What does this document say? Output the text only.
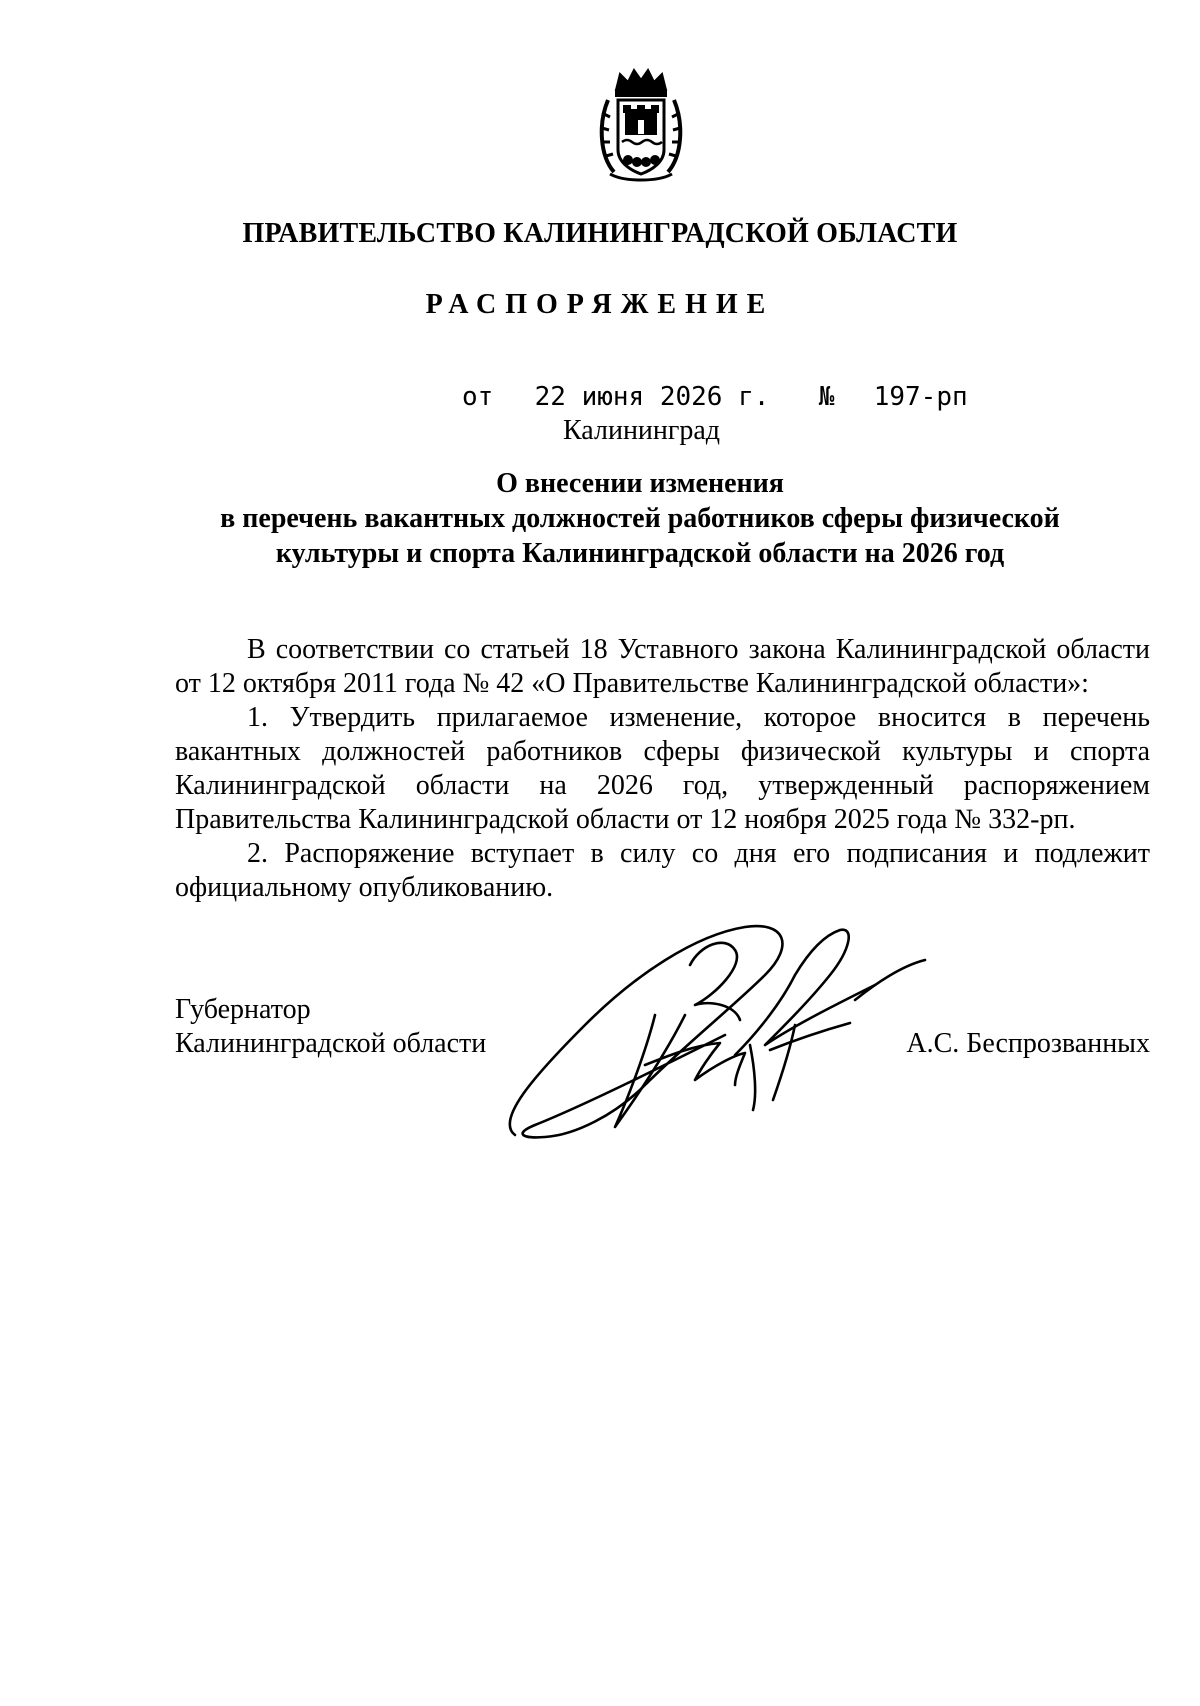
ПРАВИТЕЛЬСТВО КАЛИНИНГРАДСКОЙ ОБЛАСТИ
РАСПОРЯЖЕНИЕ
от 22 июня 2026 г. № 197-рп
Калининград
О внесении изменения
в перечень вакантных должностей работников сферы физической
культуры и спорта Калининградской области на 2026 год

В соответствии со статьей 18 Уставного закона Калининградской области от 12 октября 2011 года № 42 «О Правительстве Калининградской области»:

1. Утвердить прилагаемое изменение, которое вносится в перечень вакантных должностей работников сферы физической культуры и спорта Калининградской области на 2026 год, утвержденный распоряжением Правительства Калининградской области от 12 ноября 2025 года № 332-рп.

2. Распоряжение вступает в силу со дня его подписания и подлежит официальному опубликованию.

Губернатор
Калининградской области	А.С. Беспрозванных
